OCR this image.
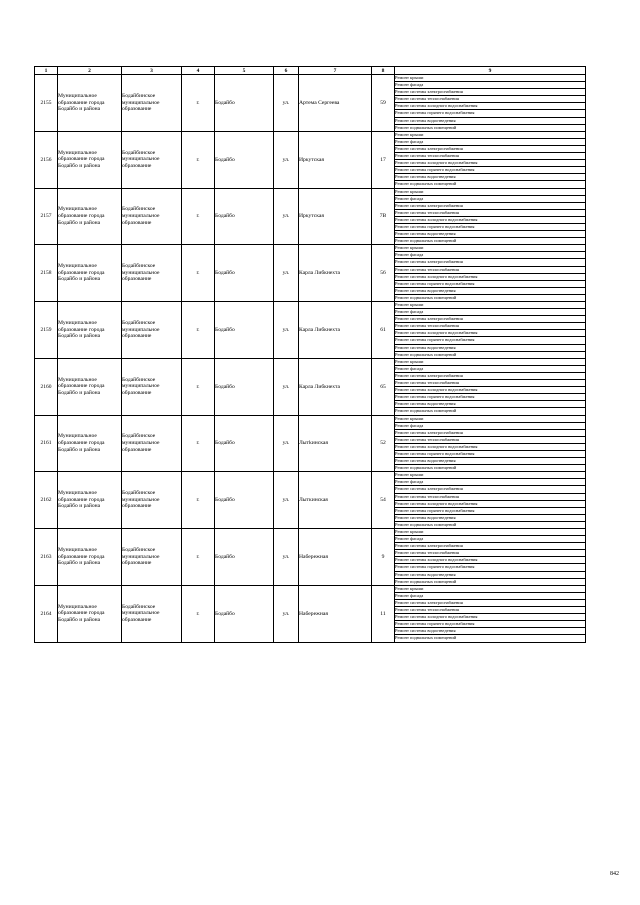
1	2	3	4	5	6	7	8	9
2155	Муниципальное образование города Бодайбо и района	Бодайбинское муниципальное образование	г.	Бодайбо	ул.	Артема Сергеева	59	Ремонт крыши
								Ремонт фасада
								Ремонт системы электроснабжения
								Ремонт системы теплоснабжения
								Ремонт системы холодного водоснабжения
								Ремонт системы горячего водоснабжения
								Ремонт системы водоотведения
								Ремонт подвальных помещений
2156	Муниципальное образование города Бодайбо и района	Бодайбинское муниципальное образование	г.	Бодайбо	ул.	Иркутская	17	Ремонт крыши
								Ремонт фасада
								Ремонт системы электроснабжения
								Ремонт системы теплоснабжения
								Ремонт системы холодного водоснабжения
								Ремонт системы горячего водоснабжения
								Ремонт системы водоотведения
								Ремонт подвальных помещений
2157	Муниципальное образование города Бодайбо и района	Бодайбинское муниципальное образование	г.	Бодайбо	ул.	Иркутская	7В	Ремонт крыши
								Ремонт фасада
								Ремонт системы электроснабжения
								Ремонт системы теплоснабжения
								Ремонт системы холодного водоснабжения
								Ремонт системы горячего водоснабжения
								Ремонт системы водоотведения
								Ремонт подвальных помещений
2158	Муниципальное образование города Бодайбо и района	Бодайбинское муниципальное образование	г.	Бодайбо	ул.	Карла Либкнехта	56	Ремонт крыши
								Ремонт фасада
								Ремонт системы электроснабжения
								Ремонт системы теплоснабжения
								Ремонт системы холодного водоснабжения
								Ремонт системы горячего водоснабжения
								Ремонт системы водоотведения
								Ремонт подвальных помещений
2159	Муниципальное образование города Бодайбо и района	Бодайбинское муниципальное образование	г.	Бодайбо	ул.	Карла Либкнехта	61	Ремонт крыши
								Ремонт фасада
								Ремонт системы электроснабжения
								Ремонт системы теплоснабжения
								Ремонт системы холодного водоснабжения
								Ремонт системы горячего водоснабжения
								Ремонт системы водоотведения
								Ремонт подвальных помещений
2160	Муниципальное образование города Бодайбо и района	Бодайбинское муниципальное образование	г.	Бодайбо	ул.	Карла Либкнехта	65	Ремонт крыши
								Ремонт фасада
								Ремонт системы электроснабжения
								Ремонт системы теплоснабжения
								Ремонт системы холодного водоснабжения
								Ремонт системы горячего водоснабжения
								Ремонт системы водоотведения
								Ремонт подвальных помещений
2161	Муниципальное образование города Бодайбо и района	Бодайбинское муниципальное образование	г.	Бодайбо	ул.	Лытkинская	52	Ремонт крыши
								Ремонт фасада
								Ремонт системы электроснабжения
								Ремонт системы теплоснабжения
								Ремонт системы холодного водоснабжения
								Ремонт системы горячего водоснабжения
								Ремонт системы водоотведения
								Ремонт подвальных помещений
2162	Муниципальное образование города Бодайбо и района	Бодайбинское муниципальное образование	г.	Бодайбо	ул.	Лыткинская	54	Ремонт крыши
								Ремонт фасада
								Ремонт системы электроснабжения
								Ремонт системы теплоснабжения
								Ремонт системы холодного водоснабжения
								Ремонт системы горячего водоснабжения
								Ремонт системы водоотведения
								Ремонт подвальных помещений
2163	Муниципальное образование города Бодайбо и района	Бодайбинское муниципальное образование	г.	Бодайбо	ул.	Набережная	9	Ремонт крыши
								Ремонт фасада
								Ремонт системы электроснабжения
								Ремонт системы теплоснабжения
								Ремонт системы холодного водоснабжения
								Ремонт системы горячего водоснабжения
								Ремонт системы водоотведения
								Ремонт подвальных помещений
2164	Муниципальное образование города Бодайбо и района	Бодайбинское муниципальное образование	г.	Бодайбо	ул.	Набережная	11	Ремонт крыши
								Ремонт фасада
								Ремонт системы электроснабжения
								Ремонт системы теплоснабжения
								Ремонт системы холодного водоснабжения
								Ремонт системы горячего водоснабжения
								Ремонт системы водоотведения
								Ремонт подвальных помещений
842
